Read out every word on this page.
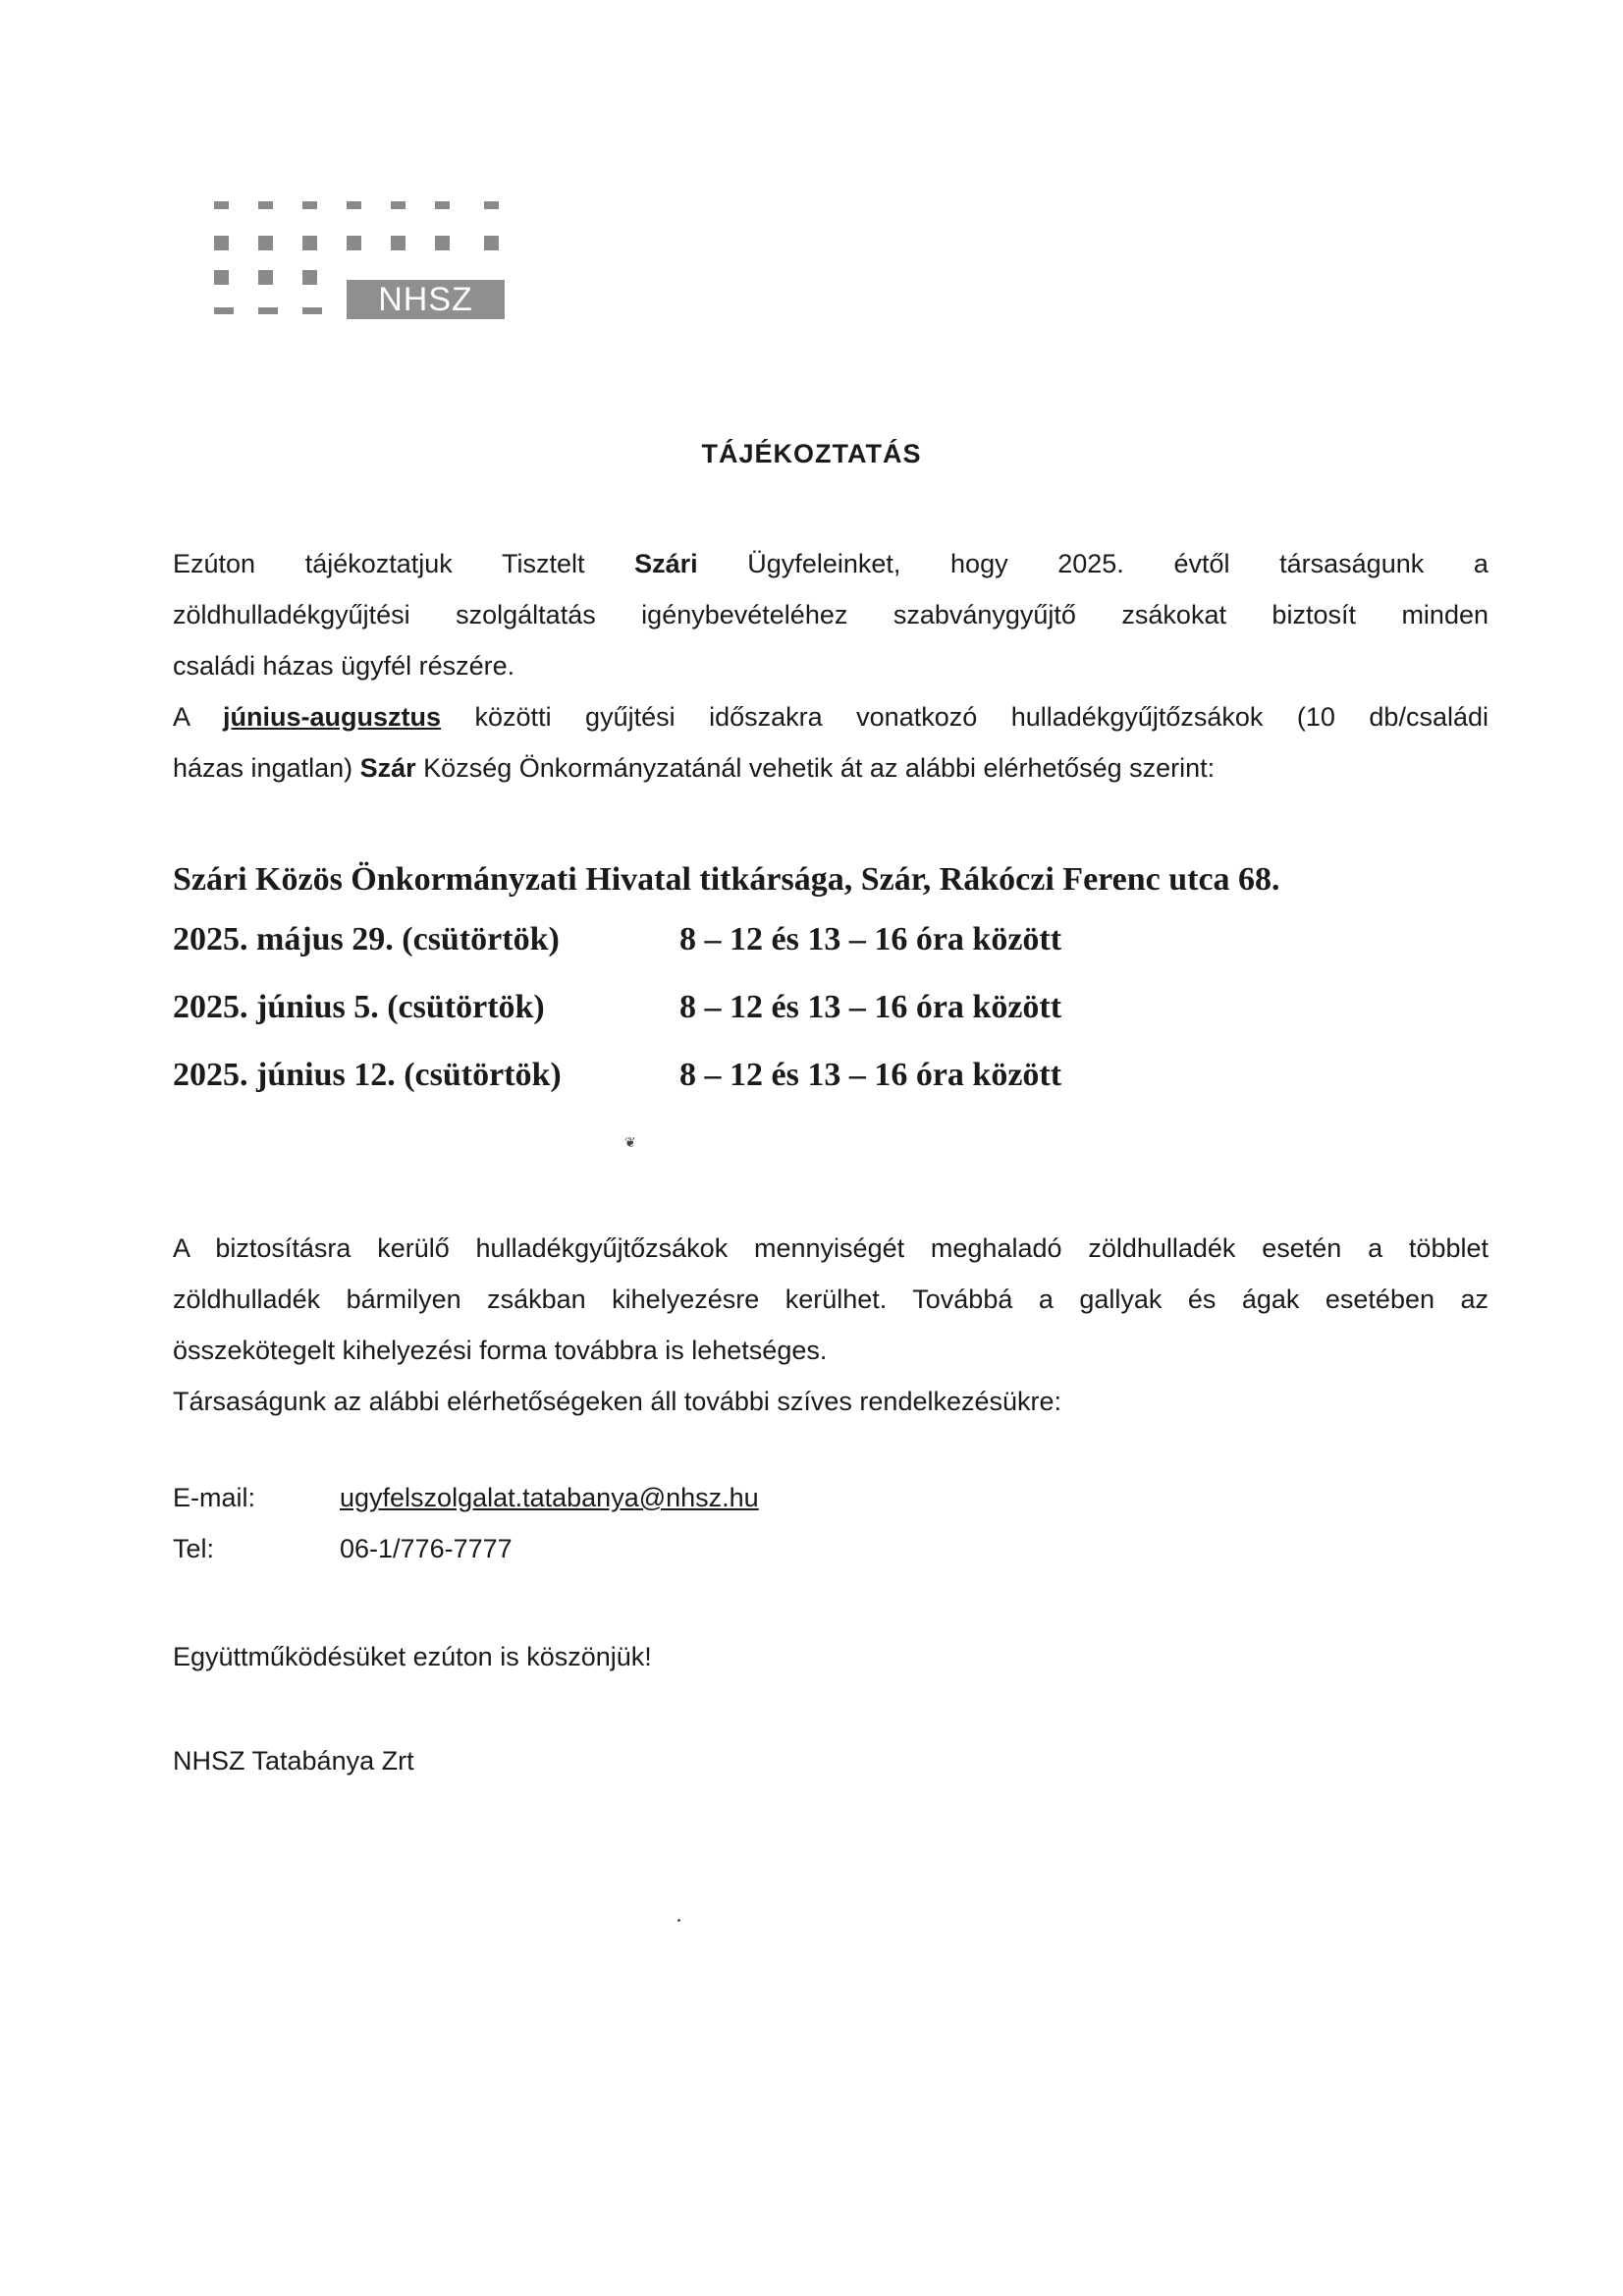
NHSZ
TÁJÉKOZTATÁS

Ezúton tájékoztatjuk Tisztelt Szári Ügyfeleinket, hogy 2025. évtől társaságunk a

zöldhulladékgyűjtési szolgáltatás igénybevételéhez szabványgyűjtő zsákokat biztosít minden

családi házas ügyfél részére.

A június-augusztus közötti gyűjtési időszakra vonatkozó hulladékgyűjtőzsákok (10 db/családi

házas ingatlan) Szár Község Önkormányzatánál vehetik át az alábbi elérhetőség szerint:

Szári Közös Önkormányzati Hivatal titkársága, Szár, Rákóczi Ferenc utca 68.
2025. május 29. (csütörtök)	8 – 12 és 13 – 16 óra között
2025. június 5. (csütörtök)	8 – 12 és 13 – 16 óra között
2025. június 12. (csütörtök)	8 – 12 és 13 – 16 óra között
❦

A biztosításra kerülő hulladékgyűjtőzsákok mennyiségét meghaladó zöldhulladék esetén a többlet

zöldhulladék bármilyen zsákban kihelyezésre kerülhet. Továbbá a gallyak és ágak esetében az

összekötegelt kihelyezési forma továbbra is lehetséges.

Társaságunk az alábbi elérhetőségeken áll további szíves rendelkezésükre:

E-mail:	ugyfelszolgalat.tatabanya@nhsz.hu
Tel:	06-1/776-7777
Együttműködésüket ezúton is köszönjük!
NHSZ Tatabánya Zrt
